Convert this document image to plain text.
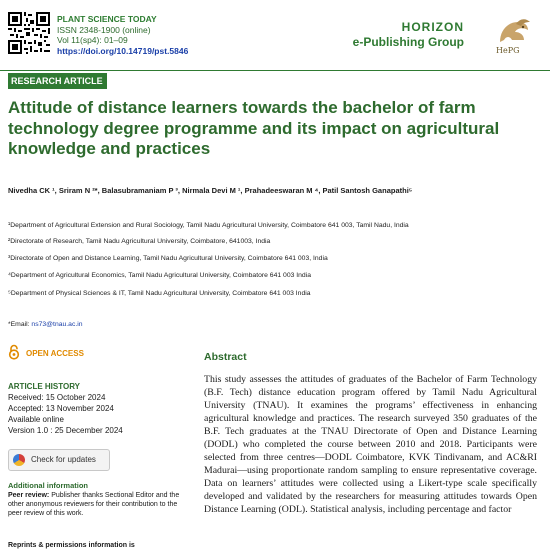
PLANT SCIENCE TODAY
ISSN 2348-1900 (online)
Vol 11(sp4): 01–09
https://doi.org/10.14719/pst.5846
HORIZON
e-Publishing Group
HePG
RESEARCH ARTICLE
Attitude of distance learners towards the bachelor of farm technology degree programme and its impact on agricultural knowledge and practices
Nivedha CK ¹, Sriram N ²*, Balasubramaniam P ³, Nirmala Devi M ¹, Prahadeeswaran M ⁴, Patil Santosh Ganapathi⁵
¹Department of Agricultural Extension and Rural Sociology, Tamil Nadu Agricultural University, Coimbatore 641 003, Tamil Nadu, India
²Directorate of Research, Tamil Nadu Agricultural University, Coimbatore, 641003, India
³Directorate of Open and Distance Learning, Tamil Nadu Agricultural University, Coimbatore 641 003, India
⁴Department of Agricultural Economics, Tamil Nadu Agricultural University, Coimbatore 641 003 India
⁵Department of Physical Sciences & IT, Tamil Nadu Agricultural University, Coimbatore 641 003 India
*Email: ns73@tnau.ac.in
OPEN ACCESS
ARTICLE HISTORY
Received: 15 October 2024
Accepted: 13 November 2024
Available online
Version 1.0 : 25 December 2024
Check for updates
Additional information
Peer review: Publisher thanks Sectional Editor and the other anonymous reviewers for their contribution to the peer review of this work.
Reprints & permissions information is
Abstract
This study assesses the attitudes of graduates of the Bachelor of Farm Technology (B.F. Tech) distance education program offered by Tamil Nadu Agricultural University (TNAU). It examines the programs’ effectiveness in enhancing agricultural knowledge and practices. The research surveyed 350 graduates of the B.F. Tech graduates at the TNAU Directorate of Open and Distance Learning (DODL) who completed the course between 2010 and 2018. Participants were selected from three centres—DODL Coimbatore, KVK Tindivanam, and AC&RI Madurai—using proportionate random sampling to ensure representative coverage. Data on learners’ attitudes were collected using a Likert-type scale specifically developed and validated by the researchers for measuring attitudes towards Open Distance Learning (ODL). Statistical analysis, including percentage and factor
